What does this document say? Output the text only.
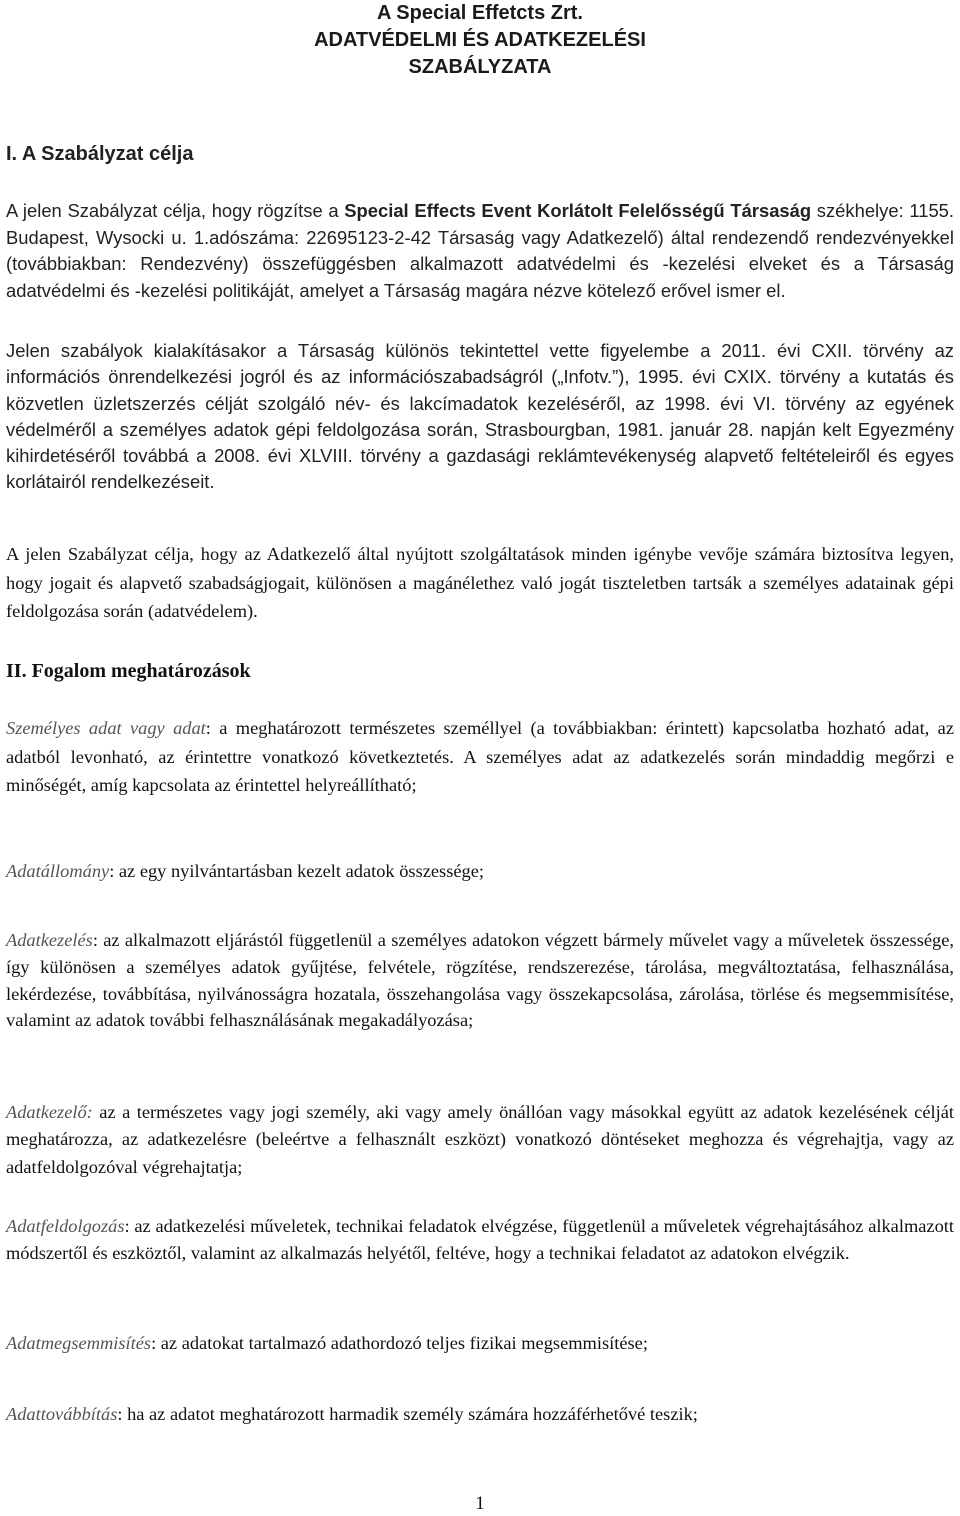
A Special Effetcts Zrt.
ADATVÉDELMI ÉS ADATKEZELÉSI
SZABÁLYZATA
I. A Szabályzat célja
A jelen Szabályzat célja, hogy rögzítse a Special Effects Event Korlátolt Felelősségű Társaság székhelye: 1155. Budapest, Wysocki u. 1.adószáma: 22695123-2-42 Társaság vagy Adatkezelő) által rendezendő rendezvényekkel (továbbiakban: Rendezvény) összefüggésben alkalmazott adatvédelmi és -kezelési elveket és a Társaság adatvédelmi és -kezelési politikáját, amelyet a Társaság magára nézve kötelező erővel ismer el.
Jelen szabályok kialakításakor a Társaság különös tekintettel vette figyelembe a 2011. évi CXII. törvény az információs önrendelkezési jogról és az információszabadságról („Infotv.”), 1995. évi CXIX. törvény a kutatás és közvetlen üzletszerzés célját szolgáló név- és lakcímadatok kezeléséről, az 1998. évi VI. törvény az egyének védelméről a személyes adatok gépi feldolgozása során, Strasbourgban, 1981. január 28. napján kelt Egyezmény kihirdetéséről továbbá a 2008. évi XLVIII. törvény a gazdasági reklámtevékenység alapvető feltételeiről és egyes korlátairól rendelkezéseit.
A jelen Szabályzat célja, hogy az Adatkezelő által nyújtott szolgáltatások minden igénybe vevője számára biztosítva legyen, hogy jogait és alapvető szabadságjogait, különösen a magánélethez való jogát tiszteletben tartsák a személyes adatainak gépi feldolgozása során (adatvédelem).
II. Fogalom meghatározások
Személyes adat vagy adat: a meghatározott természetes személlyel (a továbbiakban: érintett) kapcsolatba hozható adat, az adatból levonható, az érintettre vonatkozó következtetés. A személyes adat az adatkezelés során mindaddig megőrzi e minőségét, amíg kapcsolata az érintettel helyreállítható;
Adatállomány: az egy nyilvántartásban kezelt adatok összessége;
Adatkezelés: az alkalmazott eljárástól függetlenül a személyes adatokon végzett bármely művelet vagy a műveletek összessége, így különösen a személyes adatok gyűjtése, felvétele, rögzítése, rendszerezése, tárolása, megváltoztatása, felhasználása, lekérdezése, továbbítása, nyilvánosságra hozatala, összehangolása vagy összekapcsolása, zárolása, törlése és megsemmisítése, valamint az adatok további felhasználásának megakadályozása;
Adatkezelő: az a természetes vagy jogi személy, aki vagy amely önállóan vagy másokkal együtt az adatok kezelésének célját meghatározza, az adatkezelésre (beleértve a felhasznált eszközt) vonatkozó döntéseket meghozza és végrehajtja, vagy az adatfeldolgozóval végrehajtatja;
Adatfeldolgozás: az adatkezelési műveletek, technikai feladatok elvégzése, függetlenül a műveletek végrehajtásához alkalmazott módszertől és eszköztől, valamint az alkalmazás helyétől, feltéve, hogy a technikai feladatot az adatokon elvégzik.
Adatmegsemmisítés: az adatokat tartalmazó adathordozó teljes fizikai megsemmisítése;
Adattovábbítás: ha az adatot meghatározott harmadik személy számára hozzáférhetővé teszik;
1
